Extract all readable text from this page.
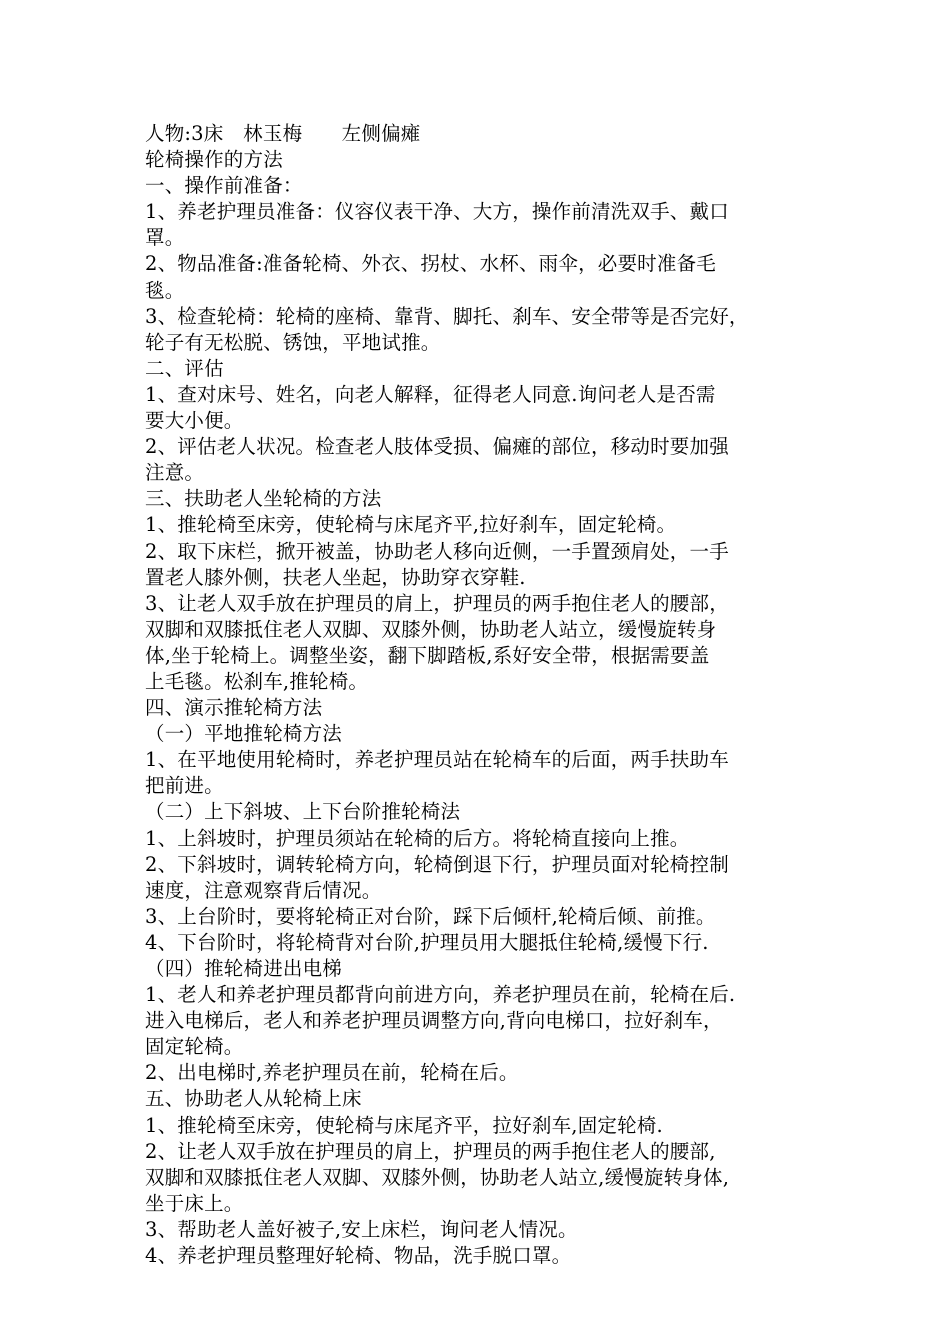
人物:3床　林玉梅　　左侧偏瘫
轮椅操作的方法
一、操作前准备：
1、养老护理员准备：仪容仪表干净、大方，操作前清洗双手、戴口
罩。
2、物品准备:准备轮椅、外衣、拐杖、水杯、雨伞，必要时准备毛
毯。
3、检查轮椅：轮椅的座椅、靠背、脚托、刹车、安全带等是否完好，
轮子有无松脱、锈蚀，平地试推。
二、评估
1、查对床号、姓名，向老人解释，征得老人同意.询问老人是否需
要大小便。
2、评估老人状况。检查老人肢体受损、偏瘫的部位，移动时要加强
注意。
三、扶助老人坐轮椅的方法
1、推轮椅至床旁，使轮椅与床尾齐平,拉好刹车，固定轮椅。
2、取下床栏，掀开被盖，协助老人移向近侧，一手置颈肩处，一手
置老人膝外侧，扶老人坐起，协助穿衣穿鞋.
3、让老人双手放在护理员的肩上，护理员的两手抱住老人的腰部，
双脚和双膝抵住老人双脚、双膝外侧，协助老人站立，缓慢旋转身
体,坐于轮椅上。调整坐姿，翻下脚踏板,系好安全带，根据需要盖
上毛毯。松刹车,推轮椅。
四、演示推轮椅方法
（一）平地推轮椅方法
1、在平地使用轮椅时，养老护理员站在轮椅车的后面，两手扶助车
把前进。
（二）上下斜坡、上下台阶推轮椅法
1、上斜坡时，护理员须站在轮椅的后方。将轮椅直接向上推。
2、下斜坡时，调转轮椅方向，轮椅倒退下行，护理员面对轮椅控制
速度，注意观察背后情况。
3、上台阶时，要将轮椅正对台阶，踩下后倾杆,轮椅后倾、前推。
4、下台阶时，将轮椅背对台阶,护理员用大腿抵住轮椅,缓慢下行.
（四）推轮椅进出电梯
1、老人和养老护理员都背向前进方向，养老护理员在前，轮椅在后.
进入电梯后，老人和养老护理员调整方向,背向电梯口，拉好刹车，
固定轮椅。
2、出电梯时,养老护理员在前，轮椅在后。
五、协助老人从轮椅上床
1、推轮椅至床旁，使轮椅与床尾齐平，拉好刹车,固定轮椅.
2、让老人双手放在护理员的肩上，护理员的两手抱住老人的腰部,
双脚和双膝抵住老人双脚、双膝外侧，协助老人站立,缓慢旋转身体,
坐于床上。
3、帮助老人盖好被子,安上床栏，询问老人情况。
4、养老护理员整理好轮椅、物品，洗手脱口罩。
